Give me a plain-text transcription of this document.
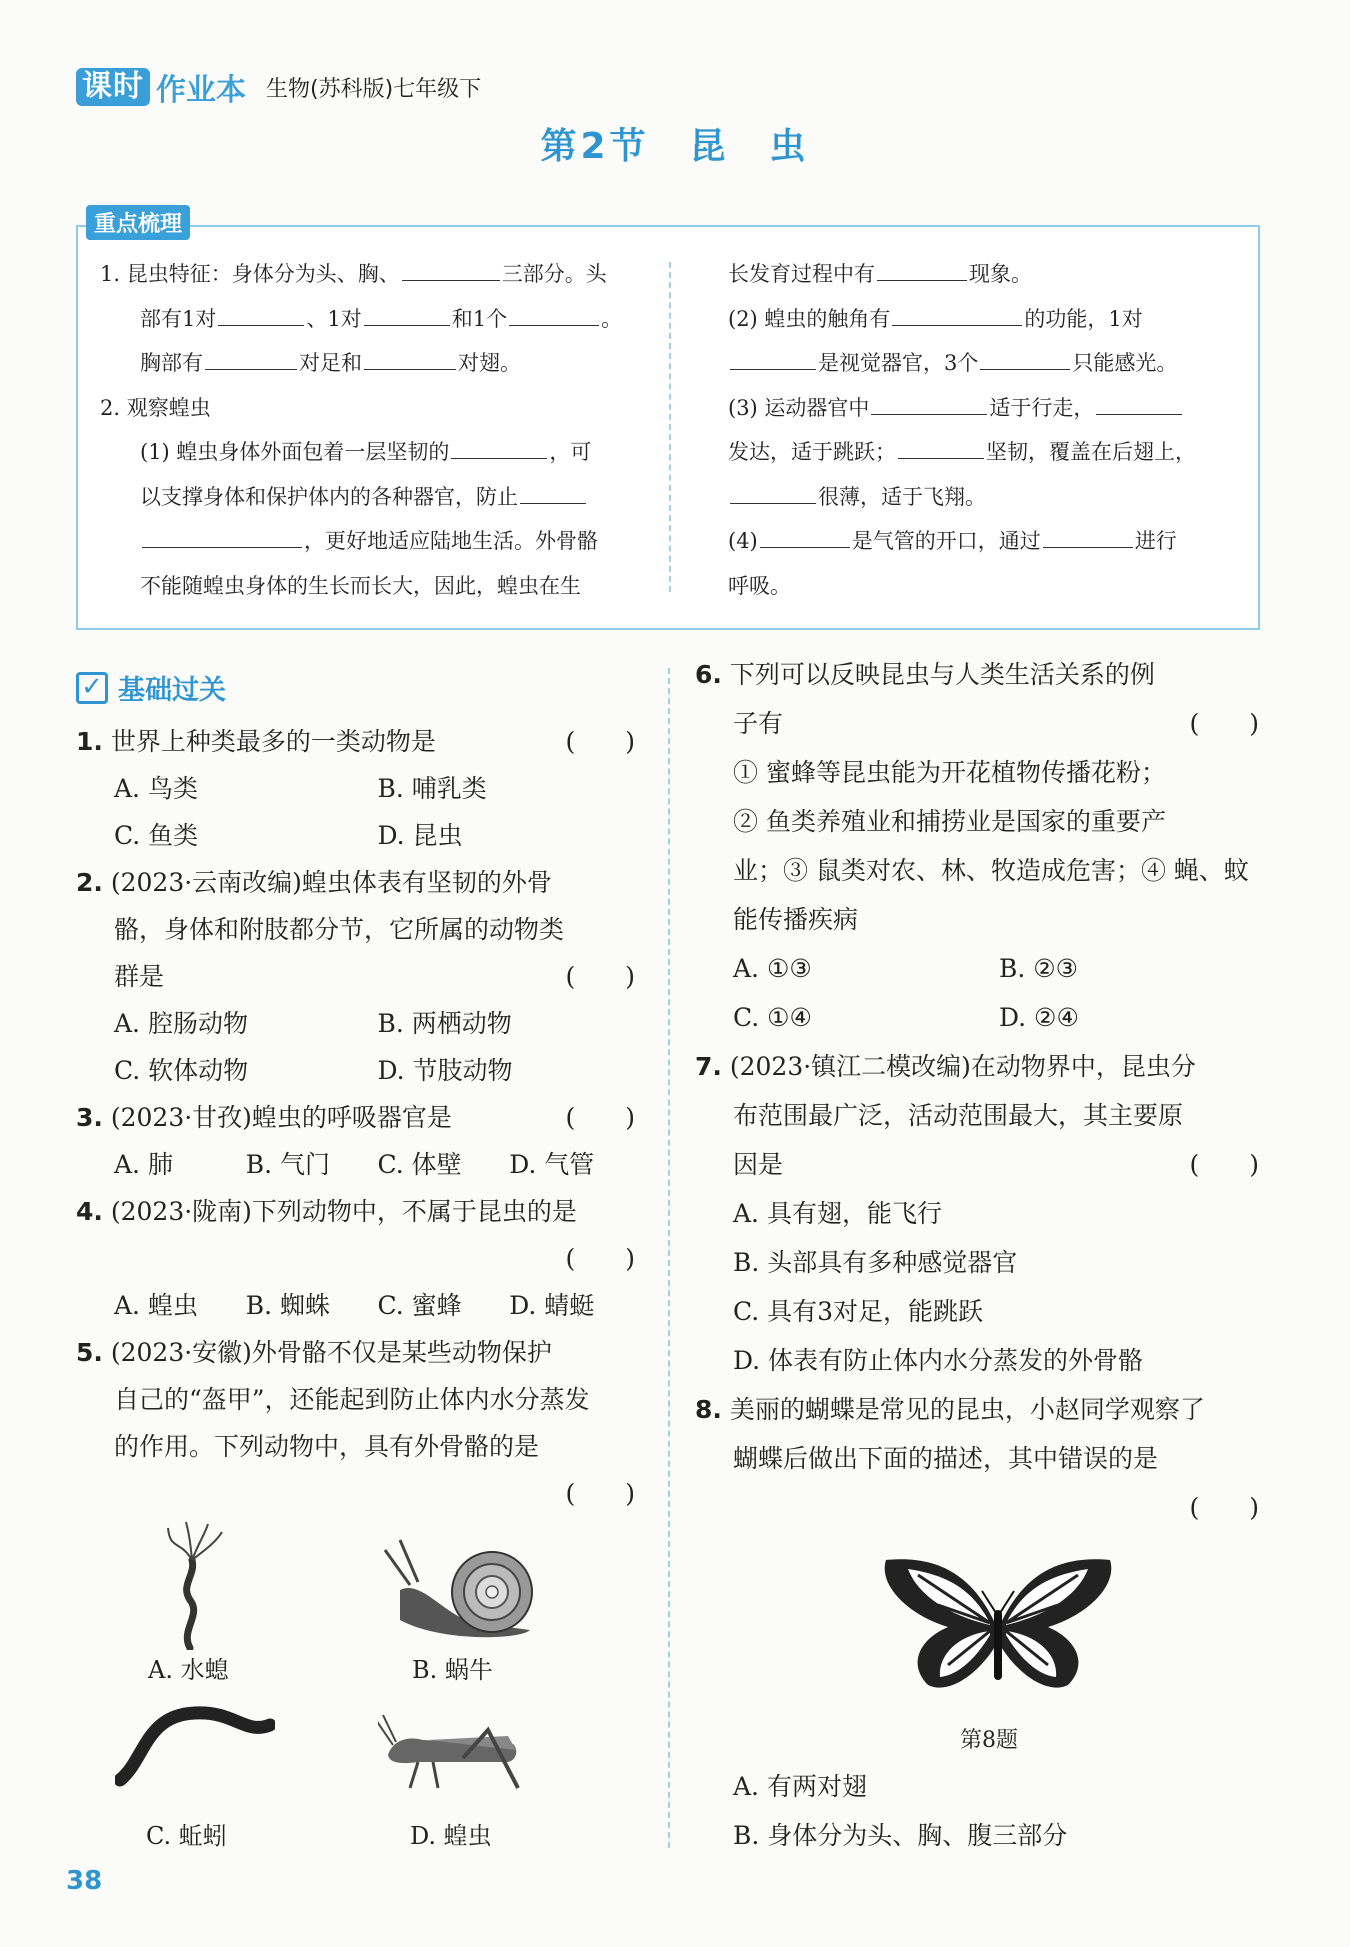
课时 作业本 生物(苏科版)七年级下
第2节　昆　虫
重点梳理
1. 昆虫特征：身体分为头、胸、	三部分。头
部有1对	、1对	和1个	。
胸部有	对足和	对翅。
2. 观察蝗虫
(1) 蝗虫身体外面包着一层坚韧的	，可
以支撑身体和保护体内的各种器官，防止
，更好地适应陆地生活。外骨骼
不能随蝗虫身体的生长而长大，因此，蝗虫在生
长发育过程中有	现象。
(2) 蝗虫的触角有	的功能，1对
是视觉器官，3个	只能感光。
(3) 运动器官中	适于行走，
发达，适于跳跃；	坚韧，覆盖在后翅上，
很薄，适于飞翔。
(4)	是气管的开口，通过	进行
呼吸。
✓ 基础过关
1. 世界上种类最多的一类动物是	(　　)
A. 鸟类	B. 哺乳类
C. 鱼类	D. 昆虫
2. (2023·云南改编)蝗虫体表有坚韧的外骨
骼，身体和附肢都分节，它所属的动物类
群是	(　　)
A. 腔肠动物	B. 两栖动物
C. 软体动物	D. 节肢动物
3. (2023·甘孜)蝗虫的呼吸器官是	(　　)
A. 肺	B. 气门	C. 体壁	D. 气管
4. (2023·陇南)下列动物中，不属于昆虫的是
(　　)
A. 蝗虫	B. 蜘蛛	C. 蜜蜂	D. 蜻蜓
5. (2023·安徽)外骨骼不仅是某些动物保护
自己的“盔甲”，还能起到防止体内水分蒸发
的作用。下列动物中，具有外骨骼的是
(　　)
A. 水螅	B. 蜗牛
C. 蚯蚓	D. 蝗虫
6. 下列可以反映昆虫与人类生活关系的例
子有	(　　)
① 蜜蜂等昆虫能为开花植物传播花粉；
② 鱼类养殖业和捕捞业是国家的重要产
业；③ 鼠类对农、林、牧造成危害；④ 蝇、蚊
能传播疾病
A. ①③	B. ②③
C. ①④	D. ②④
7. (2023·镇江二模改编)在动物界中，昆虫分
布范围最广泛，活动范围最大，其主要原
因是	(　　)
A. 具有翅，能飞行
B. 头部具有多种感觉器官
C. 具有3对足，能跳跃
D. 体表有防止体内水分蒸发的外骨骼
8. 美丽的蝴蝶是常见的昆虫，小赵同学观察了
蝴蝶后做出下面的描述，其中错误的是
(　　)
第8题
A. 有两对翅
B. 身体分为头、胸、腹三部分
38
